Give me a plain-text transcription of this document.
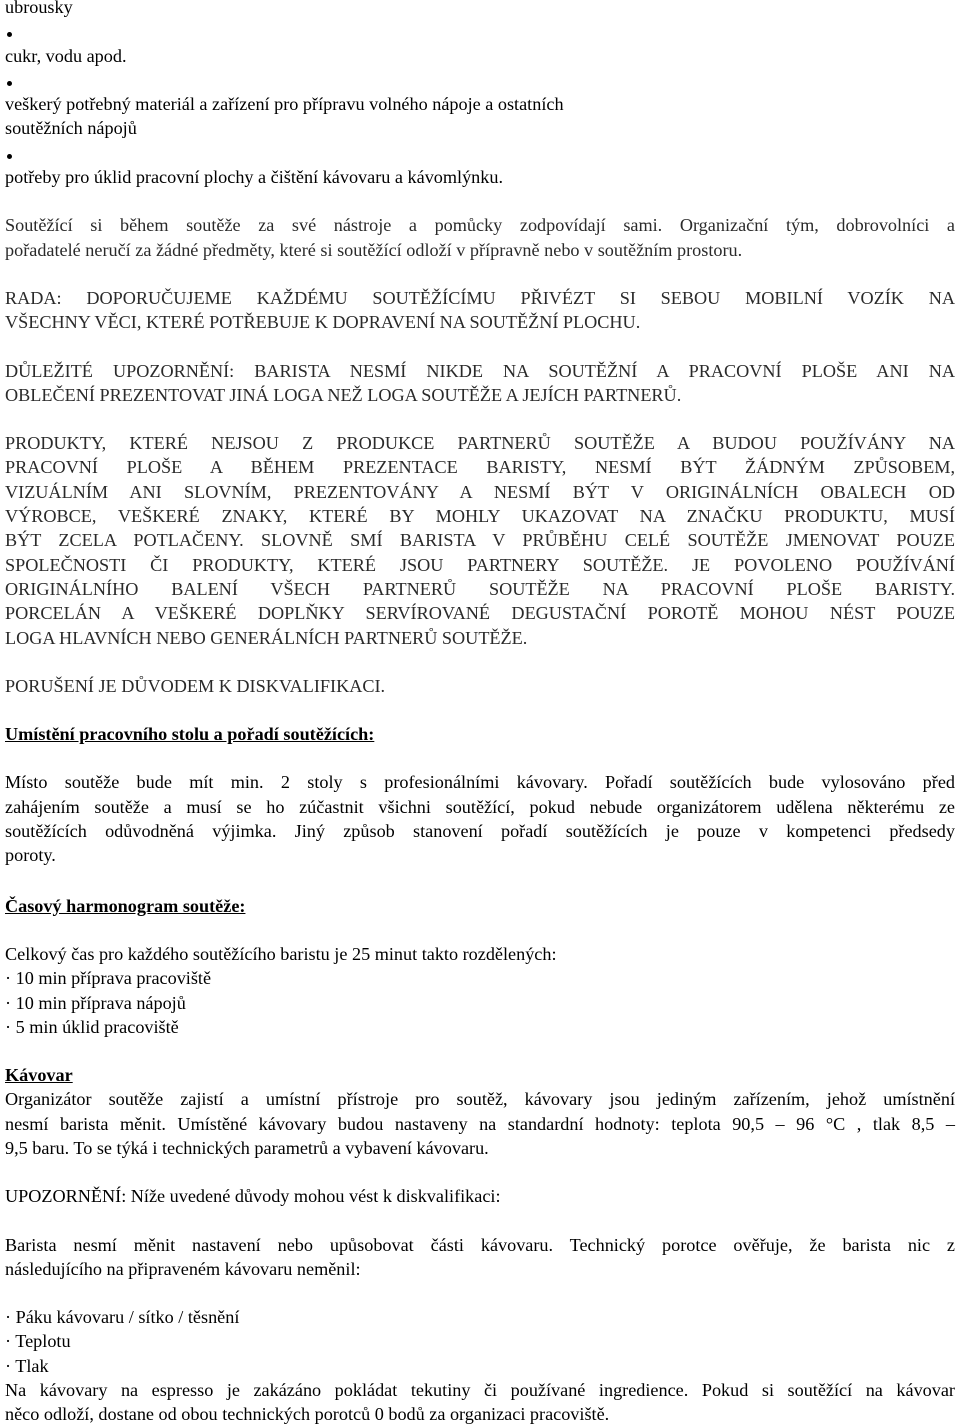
ubrousky
cukr, vodu apod.
veškerý potřebný materiál a zařízení pro přípravu volného nápoje a ostatních
soutěžních nápojů
potřeby pro úklid pracovní plochy a čištění kávovaru a kávomlýnku.

Soutěžící si během soutěže za své nástroje a pomůcky zodpovídají sami. Organizační tým, dobrovolníci a

pořadatelé neručí za žádné předměty, které si soutěžící odloží v přípravně nebo v soutěžním prostoru.

RADA: DOPORUČUJEME KAŽDÉMU SOUTĚŽÍCÍMU PŘIVÉZT SI SEBOU MOBILNÍ VOZÍK NA

VŠECHNY VĚCI, KTERÉ POTŘEBUJE K DOPRAVENÍ NA SOUTĚŽNÍ PLOCHU.

DŮLEŽITÉ UPOZORNĚNÍ: BARISTA NESMÍ NIKDE NA SOUTĚŽNÍ A PRACOVNÍ PLOŠE ANI NA

OBLEČENÍ PREZENTOVAT JINÁ LOGA NEŽ LOGA SOUTĚŽE A JEJÍCH PARTNERŮ.

PRODUKTY, KTERÉ NEJSOU Z PRODUKCE PARTNERŮ SOUTĚŽE A BUDOU POUŽÍVÁNY NA

PRACOVNÍ PLOŠE A BĚHEM PREZENTACE BARISTY, NESMÍ BÝT ŽÁDNÝM ZPŮSOBEM,

VIZUÁLNÍM ANI SLOVNÍM, PREZENTOVÁNY A NESMÍ BÝT V ORIGINÁLNÍCH OBALECH OD

VÝROBCE, VEŠKERÉ ZNAKY, KTERÉ BY MOHLY UKAZOVAT NA ZNAČKU PRODUKTU, MUSÍ

BÝT ZCELA POTLAČENY. SLOVNĚ SMÍ BARISTA V PRŮBĚHU CELÉ SOUTĚŽE JMENOVAT POUZE

SPOLEČNOSTI ČI PRODUKTY, KTERÉ JSOU PARTNERY SOUTĚŽE. JE POVOLENO POUŽÍVÁNÍ

ORIGINÁLNÍHO BALENÍ VŠECH PARTNERŮ SOUTĚŽE NA PRACOVNÍ PLOŠE BARISTY.

PORCELÁN A VEŠKERÉ DOPLŇKY SERVÍROVANÉ DEGUSTAČNÍ POROTĚ MOHOU NÉST POUZE

LOGA HLAVNÍCH NEBO GENERÁLNÍCH PARTNERŮ SOUTĚŽE.

PORUŠENÍ JE DŮVODEM K DISKVALIFIKACI.
Umístění pracovního stolu a pořadí soutěžících:

Místo soutěže bude mít min. 2 stoly s profesionálními kávovary. Pořadí soutěžících bude vylosováno před

zahájením soutěže a musí se ho zúčastnit všichni soutěžící, pokud nebude organizátorem udělena některému ze

soutěžících odůvodněná výjimka. Jiný způsob stanovení pořadí soutěžících je pouze v kompetenci předsedy

poroty.

Časový harmonogram soutěže:
Celkový čas pro každého soutěžícího baristu je 25 minut takto rozdělených:
· 10 min příprava pracoviště
· 10 min příprava nápojů
· 5 min úklid pracoviště
Kávovar

Organizátor soutěže zajistí a umístní přístroje pro soutěž, kávovary jsou jediným zařízením, jehož umístnění

nesmí barista měnit. Umístěné kávovary budou nastaveny na standardní hodnoty: teplota 90,5 – 96 °C , tlak 8,5 –

9,5 baru. To se týká i technických parametrů a vybavení kávovaru.

UPOZORNĚNÍ: Níže uvedené důvody mohou vést k diskvalifikaci:

Barista nesmí měnit nastavení nebo upůsobovat části kávovaru. Technický porotce ověřuje, že barista nic z

následujícího na připraveném kávovaru neměnil:

· Páku kávovaru / sítko / těsnění
· Teplotu
· Tlak

Na kávovary na espresso je zakázáno pokládat tekutiny či používané ingredience. Pokud si soutěžící na kávovar

něco odloží, dostane od obou technických porotců 0 bodů za organizaci pracoviště.
